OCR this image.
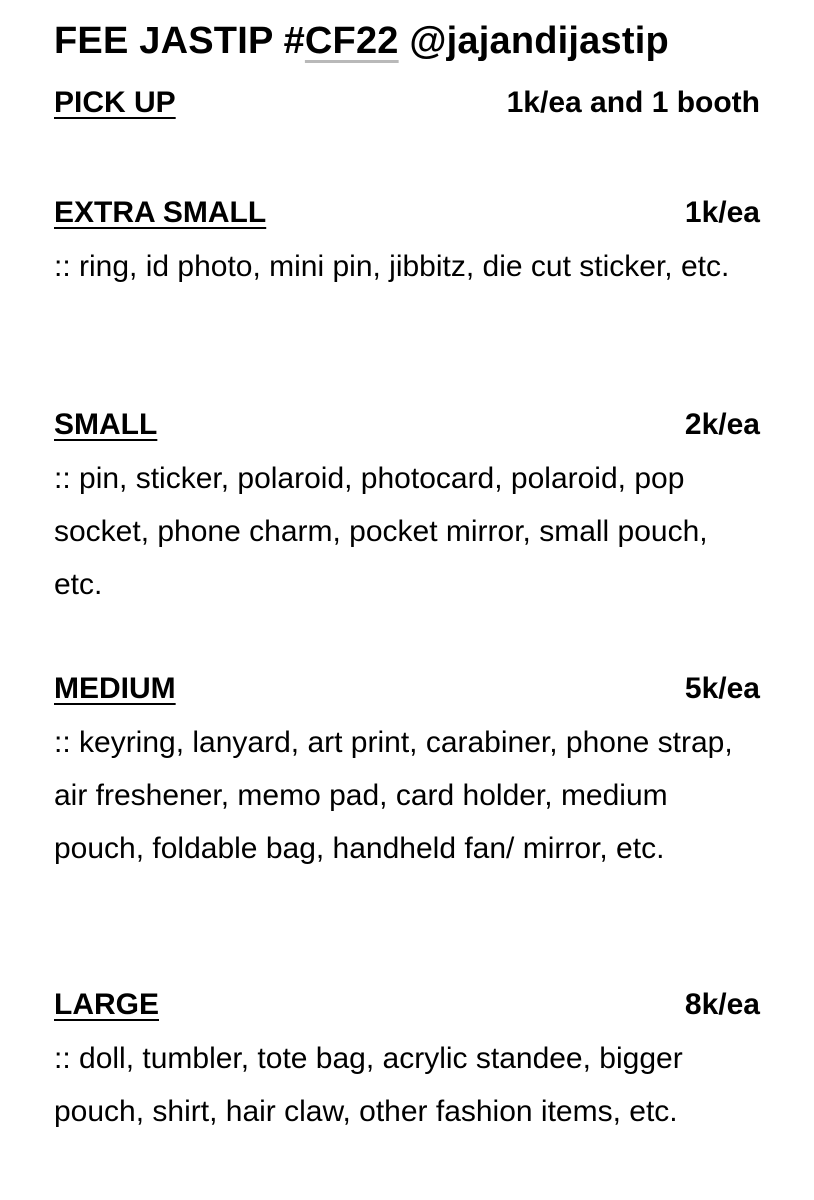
FEE JASTIP #CF22 @jajandijastip
PICK UP	1k/ea and 1 booth
EXTRA SMALL	1k/ea

:: ring, id photo, mini pin, jibbitz, die cut sticker, etc.

SMALL	2k/ea

:: pin, sticker, polaroid, photocard, polaroid, pop socket, phone charm, pocket mirror, small pouch, etc.

MEDIUM	5k/ea

:: keyring, lanyard, art print, carabiner, phone strap, air freshener, memo pad, card holder, medium pouch, foldable bag, handheld fan/ mirror, etc.

LARGE	8k/ea

:: doll, tumbler, tote bag, acrylic standee, bigger pouch, shirt, hair claw, other fashion items, etc.
